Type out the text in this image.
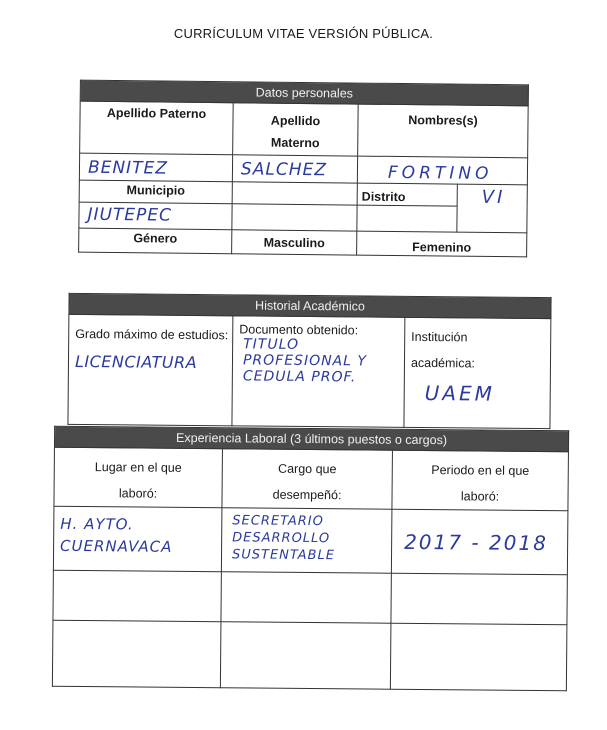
CURRÍCULUM VITAE VERSIÓN PÚBLICA.
Datos personales			
Apellido Paterno	Apellido Materno	Nombres(s)	

BENITEZ	SALCHEZ	FORTINO	

Municipio		Distrito	VI

JIUTEPEC			

Género	Masculino	Femenino	
Historial Académico

Grado máximo de estudios:
LICENCIATURA

Documento obtenido:
TITULO PROFESIONAL Y CEDULA PROF.

Institución académica:
UAEM
Experiencia Laboral (3 últimos puestos o cargos)		
Lugar en el que laboró:	Cargo que desempeñó:	Periodo en el que laboró:

H. AYTO. CUERNAVACA	SECRETARIO DESARROLLO SUSTENTABLE	2017 - 2018
